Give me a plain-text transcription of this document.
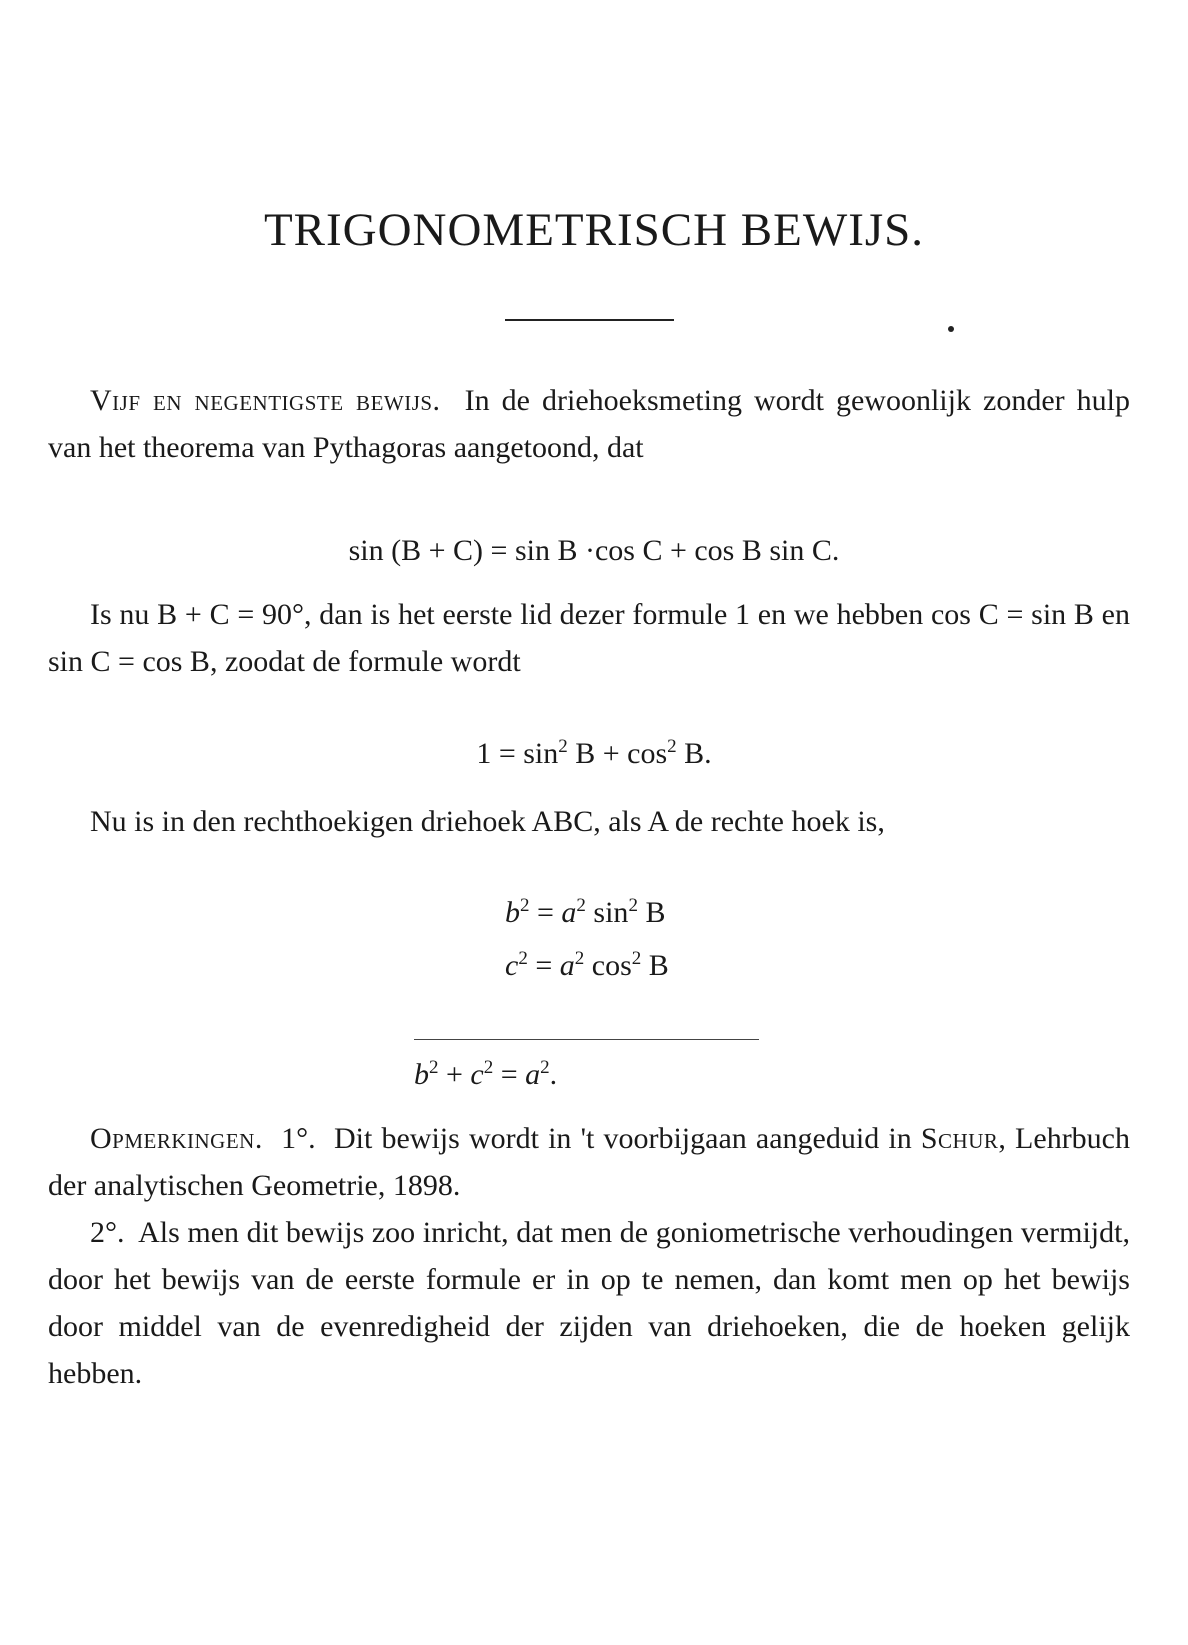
TRIGONOMETRISCH BEWIJS.

Vijf en negentigste bewijs. In de driehoeksmeting wordt gewoonlijk zonder hulp van het theorema van Pythagoras aangetoond, dat

sin (B + C) = sin B ·cos C + cos B sin C.

Is nu B + C = 90°, dan is het eerste lid dezer formule 1 en we hebben cos C = sin B en sin C = cos B, zoodat de formule wordt

$1 = \sin^2 B + \cos^2 B$.

Nu is in den rechthoekigen driehoek ABC, als A de rechte hoek is,

$b^2 = a^2$ $\sin^2 B$
$c^2 = a^2$ $\cos^2 B$
$b^2 + c^2 = a^2$.

Opmerkingen. 1°. Dit bewijs wordt in 't voorbijgaan aangeduid in Schur, Lehrbuch der analytischen Geometrie, 1898.
2°. Als men dit bewijs zoo inricht, dat men de goniometrische verhoudingen vermijdt, door het bewijs van de eerste formule er in op te nemen, dan komt men op het bewijs door middel van de evenredigheid der zijden van driehoeken, die de hoeken gelijk hebben.
